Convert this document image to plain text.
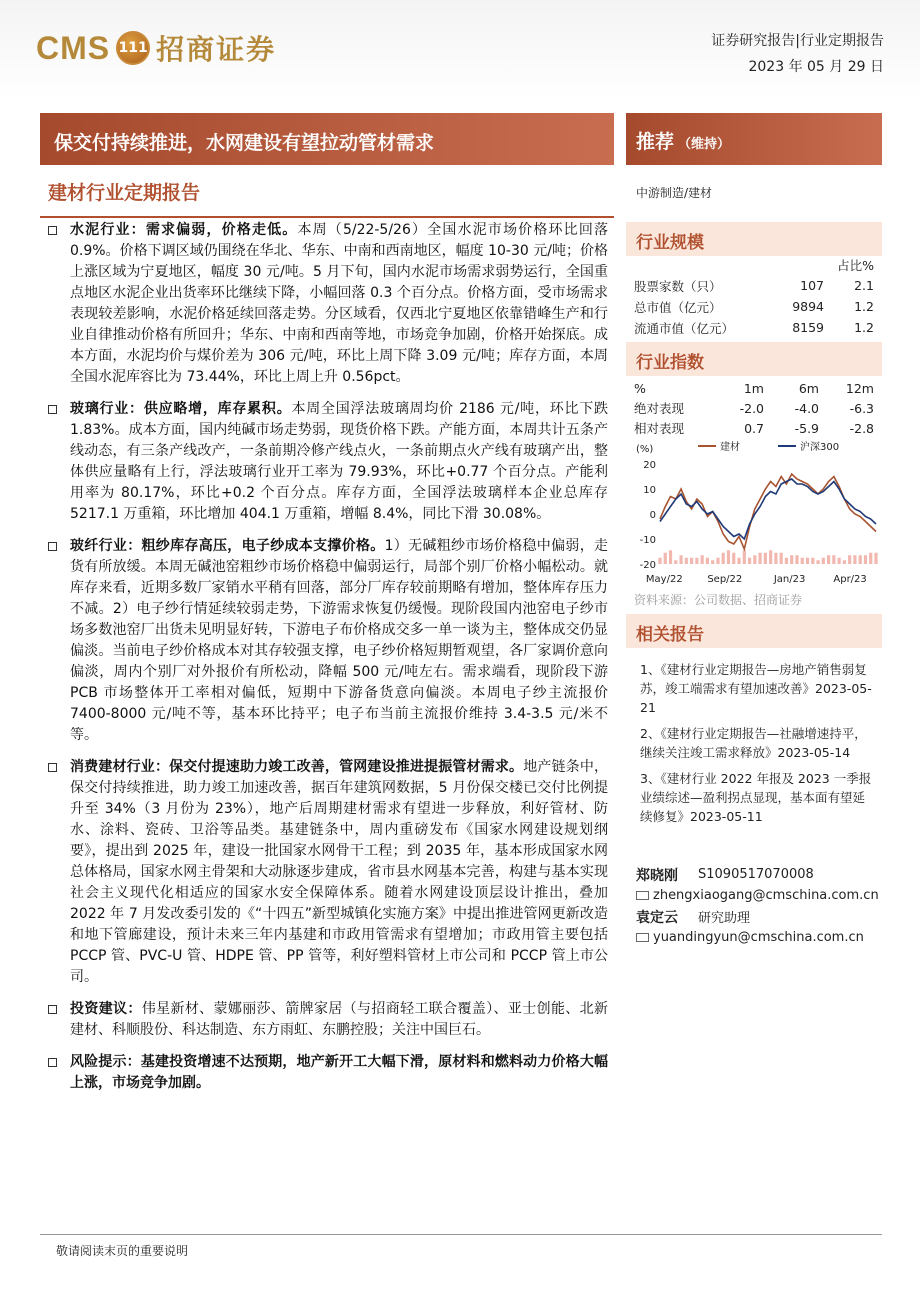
CMS 111 招商证券	证券研究报告|行业定期报告
2023 年 05 月 29 日
保交付持续推进，水网建设有望拉动管材需求
建材行业定期报告
推荐 （维持）
中游制造/建材
行业规模
占比%
股票家数（只）	107	2.1
总市值（亿元）	9894	1.2
流通市值（亿元）	8159	1.2
行业指数
%	1m	6m	12m
绝对表现	-2.0	-4.0	-6.3
相对表现	0.7	-5.9	-2.8
(%)
20
10
0
-10
-20
May/22 Sep/22	Jan/23	Apr/23
建材	沪深300
资料来源：公司数据、招商证券
相关报告
1、《建材行业定期报告—房地产销售弱复苏，竣工端需求有望加速改善》2023-05-21
2、《建材行业定期报告—社融增速持平，继续关注竣工需求释放》2023-05-14
3、《建材行业 2022 年报及 2023 一季报业绩综述—盈利拐点显现，基本面有望延续修复》2023-05-11
郑晓刚	S1090517070008
zhengxiaogang@cmschina.com.cn
袁定云	研究助理
yuandingyun@cmschina.com.cn
水泥行业：需求偏弱，价格走低。本周（5/22-5/26）全国水泥市场价格环比回落 0.9%。价格下调区域仍围绕在华北、华东、中南和西南地区，幅度 10-30 元/吨；价格上涨区域为宁夏地区，幅度 30 元/吨。5 月下旬，国内水泥市场需求弱势运行，全国重点地区水泥企业出货率环比继续下降，小幅回落 0.3 个百分点。价格方面，受市场需求表现较差影响，水泥价格延续回落走势。分区域看，仅西北宁夏地区依靠错峰生产和行业自律推动价格有所回升；华东、中南和西南等地，市场竞争加剧，价格开始探底。成本方面，水泥均价与煤价差为 306 元/吨，环比上周下降 3.09 元/吨；库存方面，本周全国水泥库容比为 73.44%，环比上周上升 0.56pct。
玻璃行业：供应略增，库存累积。本周全国浮法玻璃周均价 2186 元/吨，环比下跌 1.83%。成本方面，国内纯碱市场走势弱，现货价格下跌。产能方面，本周共计五条产线动态，有三条产线改产，一条前期冷修产线点火，一条前期点火产线有玻璃产出，整体供应量略有上行，浮法玻璃行业开工率为 79.93%，环比+0.77 个百分点。产能利用率为 80.17%，环比+0.2 个百分点。库存方面，全国浮法玻璃样本企业总库存 5217.1 万重箱，环比增加 404.1 万重箱，增幅 8.4%，同比下滑 30.08%。
玻纤行业：粗纱库存高压，电子纱成本支撑价格。1）无碱粗纱市场价格稳中偏弱，走货有所放缓。本周无碱池窑粗纱市场价格稳中偏弱运行，局部个别厂价格小幅松动。就库存来看，近期多数厂家销水平稍有回落，部分厂库存较前期略有增加，整体库存压力不减。2）电子纱行情延续较弱走势，下游需求恢复仍缓慢。现阶段国内池窑电子纱市场多数池窑厂出货未见明显好转，下游电子布价格成交多一单一谈为主，整体成交仍显偏淡。当前电子纱价格成本对其存较强支撑，电子纱价格短期暂观望，各厂家调价意向偏淡，周内个别厂对外报价有所松动，降幅 500 元/吨左右。需求端看，现阶段下游 PCB 市场整体开工率相对偏低，短期中下游备货意向偏淡。本周电子纱主流报价 7400-8000 元/吨不等，基本环比持平；电子布当前主流报价维持 3.4-3.5 元/米不等。
消费建材行业：保交付提速助力竣工改善，管网建设推进提振管材需求。地产链条中，保交付持续推进，助力竣工加速改善，据百年建筑网数据，5 月份保交楼已交付比例提升至 34%（3 月份为 23%），地产后周期建材需求有望进一步释放，利好管材、防水、涂料、瓷砖、卫浴等品类。基建链条中，周内重磅发布《国家水网建设规划纲要》，提出到 2025 年，建设一批国家水网骨干工程；到 2035 年，基本形成国家水网总体格局，国家水网主骨架和大动脉逐步建成，省市县水网基本完善，构建与基本实现社会主义现代化相适应的国家水安全保障体系。随着水网建设顶层设计推出，叠加 2022 年 7 月发改委引发的《“十四五”新型城镇化实施方案》中提出推进管网更新改造和地下管廊建设，预计未来三年内基建和市政用管需求有望增加；市政用管主要包括 PCCP 管、PVC-U 管、HDPE 管、PP 管等，利好塑料管材上市公司和 PCCP 管上市公司。
投资建议：伟星新材、蒙娜丽莎、箭牌家居（与招商轻工联合覆盖）、亚士创能、北新建材、科顺股份、科达制造、东方雨虹、东鹏控股；关注中国巨石。
风险提示：基建投资增速不达预期，地产新开工大幅下滑，原材料和燃料动力价格大幅上涨，市场竞争加剧。
敬请阅读末页的重要说明
